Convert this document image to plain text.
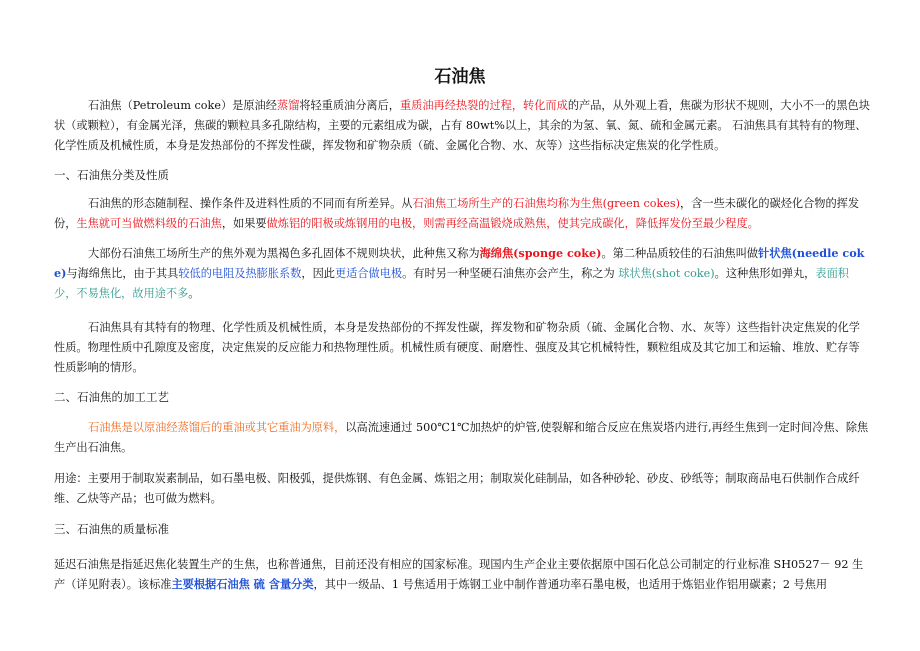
石油焦

石油焦（Petroleum coke）是原油经蒸馏将轻重质油分离后，重质油再经热裂的过程，转化而成的产品，从外观上看，焦碳为形状不规则，大小不一的黑色块状（或颗粒），有金属光泽，焦碳的颗粒具多孔隙结构，主要的元素组成为碳，占有 80wt%以上，其余的为氢、氧、氮、硫和金属元素。 石油焦具有其特有的物理、化学性质及机械性质，本身是发热部份的不挥发性碳，挥发物和矿物杂质（硫、金属化合物、水、灰等）这些指标决定焦炭的化学性质。

一、石油焦分类及性质

石油焦的形态随制程、操作条件及进料性质的不同而有所差异。从石油焦工场所生产的石油焦均称为生焦(green cokes)，含一些未碳化的碳烃化合物的挥发份，生焦就可当做燃料级的石油焦，如果要做炼铝的阳极或炼钢用的电极，则需再经高温锻烧成熟焦，使其完成碳化，降低挥发份至最少程度。

大部份石油焦工场所生产的焦外观为黑褐色多孔固体不规则块状，此种焦又称为海绵焦(sponge coke)。第二种品质较佳的石油焦叫做针状焦(needle coke)与海绵焦比，由于其具较低的电阻及热膨胀系数，因此更适合做电极。有时另一种坚硬石油焦亦会产生，称之为 球状焦(shot coke)。这种焦形如弹丸，表面积少，不易焦化，故用途不多。

石油焦具有其特有的物理、化学性质及机械性质，本身是发热部份的不挥发性碳，挥发物和矿物杂质（硫、金属化合物、水、灰等）这些指针决定焦炭的化学性质。物理性质中孔隙度及密度，决定焦炭的反应能力和热物理性质。机械性质有硬度、耐磨性、强度及其它机械特性，颗粒组成及其它加工和运输、堆放、贮存等性质影响的情形。

二、石油焦的加工工艺

石油焦是以原油经蒸馏后的重油或其它重油为原料，以高流速通过 500℃1℃加热炉的炉管,使裂解和缩合反应在焦炭塔内进行,再经生焦到一定时间冷焦、除焦生产出石油焦。

用途：主要用于制取炭素制品，如石墨电极、阳极弧，提供炼钢、有色金属、炼铝之用；制取炭化硅制品，如各种砂轮、砂皮、砂纸等；制取商品电石供制作合成纤维、乙炔等产品；也可做为燃料。

三、石油焦的质量标准

延迟石油焦是指延迟焦化装置生产的生焦，也称普通焦，目前还没有相应的国家标准。现国内生产企业主要依据原中国石化总公司制定的行业标准 SH0527－ 92 生产（详见附表）。该标准主要根据石油焦 硫 含量分类，其中一级品、1 号焦适用于炼钢工业中制作普通功率石墨电极，也适用于炼铝业作铝用碳素；2 号焦用
